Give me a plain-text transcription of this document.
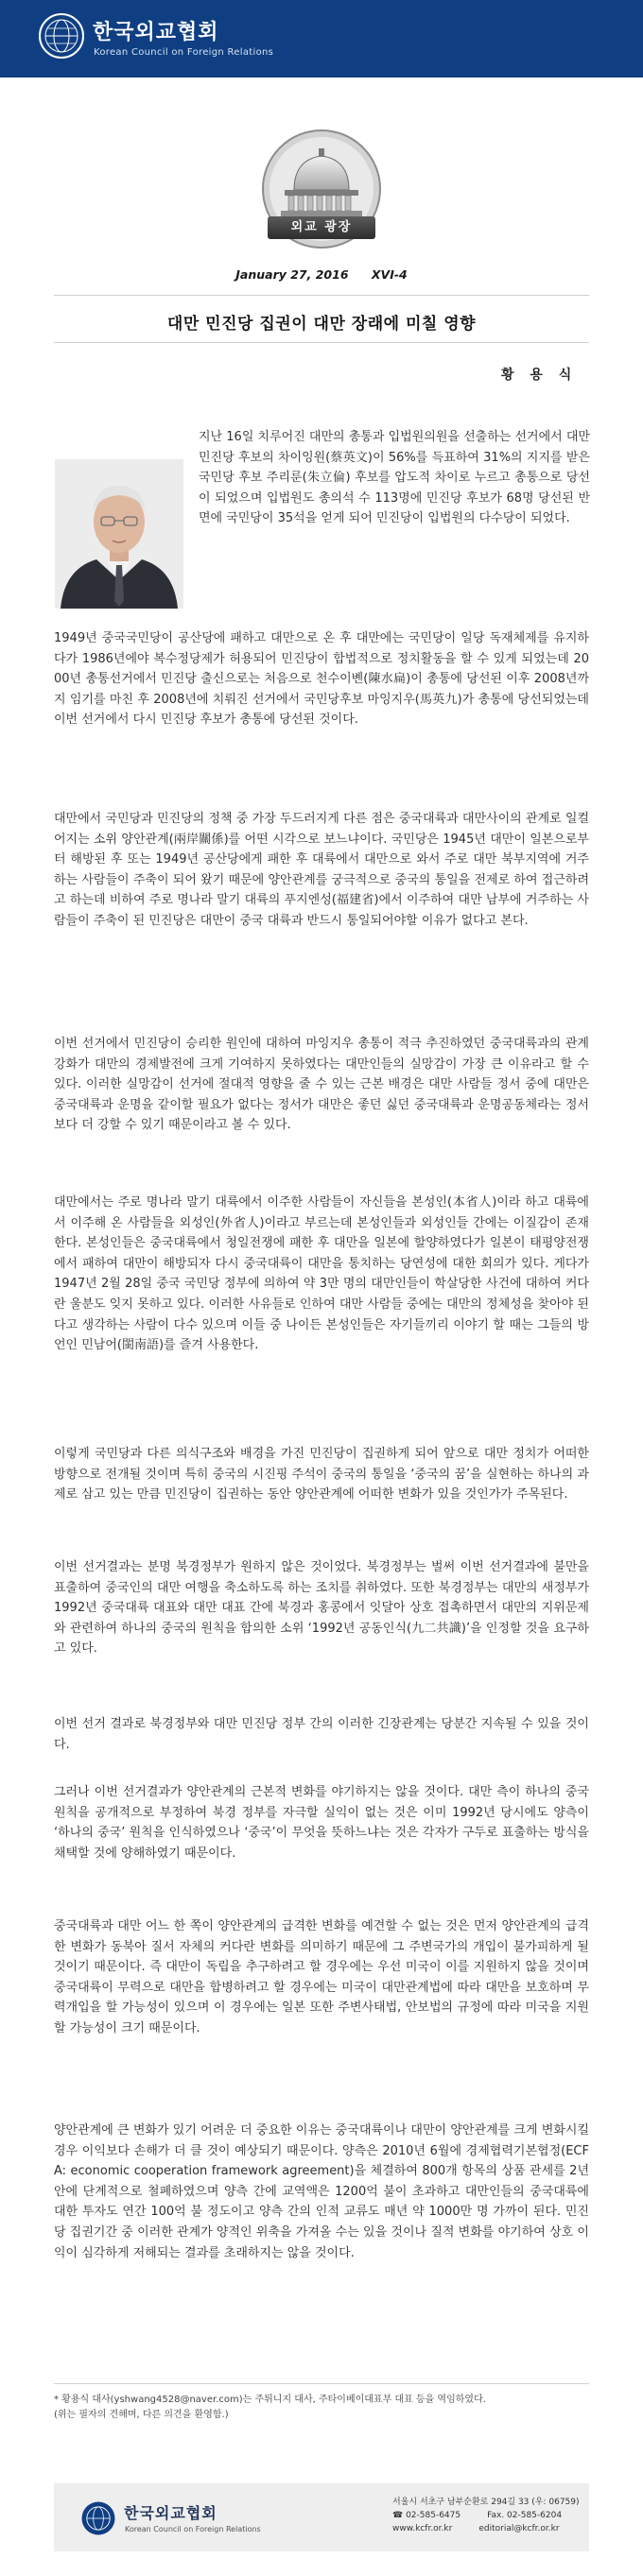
한국외교협회
Korean Council on Foreign Relations
외교 광장
January 27, 2016 XVI-4
대만 민진당 집권이 대만 장래에 미칠 영향
황 용 식

지난 16일 치루어진 대만의 총통과 입법원의원을 선출하는 선거에서 대만 민진당 후보의 차이잉원(蔡英文)이 56%를 득표하여 31%의 지지를 받은 국민당 후보 주리룬(朱立倫) 후보를 압도적 차이로 누르고 총통으로 당선이 되었으며 입법원도 총의석 수 113명에 민진당 후보가 68명 당선된 반면에 국민당이 35석을 얻게 되어 민진당이 입법원의 다수당이 되었다.

1949년 중국국민당이 공산당에 패하고 대만으로 온 후 대만에는 국민당이 일당 독재체제를 유지하다가 1986년에야 복수정당제가 허용되어 민진당이 합법적으로 정치활동을 할 수 있게 되었는데 2000년 총통선거에서 민진당 출신으로는 처음으로 천수이볜(陳水扁)이 총통에 당선된 이후 2008년까지 임기를 마친 후 2008년에 치뤄진 선거에서 국민당후보 마잉지우(馬英九)가 총통에 당선되었는데 이번 선거에서 다시 민진당 후보가 총통에 당선된 것이다.

대만에서 국민당과 민진당의 정책 중 가장 두드러지게 다른 점은 중국대륙과 대만사이의 관계로 일컬어지는 소위 양안관계(兩岸關係)를 어떤 시각으로 보느냐이다. 국민당은 1945년 대만이 일본으로부터 해방된 후 또는 1949년 공산당에게 패한 후 대륙에서 대만으로 와서 주로 대만 북부지역에 거주하는 사람들이 주축이 되어 왔기 때문에 양안관계를 궁극적으로 중국의 통일을 전제로 하여 접근하려고 하는데 비하여 주로 명나라 말기 대륙의 푸지엔성(福建省)에서 이주하여 대만 남부에 거주하는 사람들이 주축이 된 민진당은 대만이 중국 대륙과 반드시 통일되어야할 이유가 없다고 본다.

이번 선거에서 민진당이 승리한 원인에 대하여 마잉지우 총통이 적극 추진하였던 중국대륙과의 관계강화가 대만의 경제발전에 크게 기여하지 못하였다는 대만인들의 실망감이 가장 큰 이유라고 할 수 있다. 이러한 실망감이 선거에 절대적 영향을 줄 수 있는 근본 배경은 대만 사람들 정서 중에 대만은 중국대륙과 운명을 같이할 필요가 없다는 정서가 대만은 좋던 싫던 중국대륙과 운명공동체라는 정서보다 더 강할 수 있기 때문이라고 볼 수 있다.

대만에서는 주로 명나라 말기 대륙에서 이주한 사람들이 자신들을 본성인(本省人)이라 하고 대륙에서 이주해 온 사람들을 외성인(外省人)이라고 부르는데 본성인들과 외성인들 간에는 이질감이 존재한다. 본성인들은 중국대륙에서 청일전쟁에 패한 후 대만을 일본에 할양하였다가 일본이 태평양전쟁에서 패하여 대만이 해방되자 다시 중국대륙이 대만을 통치하는 당연성에 대한 회의가 있다. 게다가 1947년 2월 28일 중국 국민당 정부에 의하여 약 3만 명의 대만인들이 학살당한 사건에 대하여 커다란 울분도 잊지 못하고 있다. 이러한 사유들로 인하여 대만 사람들 중에는 대만의 정체성을 찾아야 된다고 생각하는 사람이 다수 있으며 이들 중 나이든 본성인들은 자기들끼리 이야기 할 때는 그들의 방언인 민남어(閩南語)를 즐겨 사용한다.

이렇게 국민당과 다른 의식구조와 배경을 가진 민진당이 집권하게 되어 앞으로 대만 정치가 어떠한 방향으로 전개될 것이며 특히 중국의 시진핑 주석이 중국의 통일을 ‘중국의 꿈’을 실현하는 하나의 과제로 삼고 있는 만큼 민진당이 집권하는 동안 양안관계에 어떠한 변화가 있을 것인가가 주목된다.

이번 선거결과는 분명 북경정부가 원하지 않은 것이었다. 북경정부는 벌써 이번 선거결과에 불만을 표출하여 중국인의 대만 여행을 축소하도록 하는 조치를 취하였다. 또한 북경정부는 대만의 새정부가 1992년 중국대륙 대표와 대만 대표 간에 북경과 홍콩에서 잇달아 상호 접촉하면서 대만의 지위문제와 관련하여 하나의 중국의 원칙을 합의한 소위 ‘1992년 공동인식(九二共識)’을 인정할 것을 요구하고 있다.

이번 선거 결과로 북경정부와 대만 민진당 정부 간의 이러한 긴장관계는 당분간 지속될 수 있을 것이다.

그러나 이번 선거결과가 양안관계의 근본적 변화를 야기하지는 않을 것이다. 대만 측이 하나의 중국 원칙을 공개적으로 부정하여 북경 정부를 자극할 실익이 없는 것은 이미 1992년 당시에도 양측이 ‘하나의 중국’ 원칙을 인식하였으나 ‘중국’이 무엇을 뜻하느냐는 것은 각자가 구두로 표출하는 방식을 채택할 것에 양해하였기 때문이다.

중국대륙과 대만 어느 한 쪽이 양안관계의 급격한 변화를 예견할 수 없는 것은 먼저 양안관계의 급격한 변화가 동북아 질서 자체의 커다란 변화를 의미하기 때문에 그 주변국가의 개입이 불가피하게 될 것이기 때문이다. 즉 대만이 독립을 추구하려고 할 경우에는 우선 미국이 이를 지원하지 않을 것이며 중국대륙이 무력으로 대만을 합병하려고 할 경우에는 미국이 대만관계법에 따라 대만을 보호하며 무력개입을 할 가능성이 있으며 이 경우에는 일본 또한 주변사태법, 안보법의 규정에 따라 미국을 지원할 가능성이 크기 때문이다.

양안관계에 큰 변화가 있기 어려운 더 중요한 이유는 중국대륙이나 대만이 양안관계를 크게 변화시킬 경우 이익보다 손해가 더 클 것이 예상되기 때문이다. 양측은 2010년 6월에 경제협력기본협정(ECFA: economic cooperation framework agreement)을 체결하여 800개 항목의 상품 관세를 2년 안에 단계적으로 철폐하였으며 양측 간에 교역액은 1200억 불이 초과하고 대만인들의 중국대륙에 대한 투자도 연간 100억 불 정도이고 양측 간의 인적 교류도 매년 약 1000만 명 가까이 된다. 민진당 집권기간 중 이러한 관계가 양적인 위축을 가져올 수는 있을 것이나 질적 변화를 야기하여 상호 이익이 심각하게 저해되는 결과를 초래하지는 않을 것이다.

* 황용식 대사(yshwang4528@naver.com)는 주튀니지 대사, 주타이베이대표부 대표 등을 역임하였다.
(위는 필자의 견해며, 다른 의견을 환영함.)
한국외교협회
Korean Council on Foreign Relations
서울시 서초구 남부순환로 294길 33 (우: 06759)
☎ 02-585-6475	Fax. 02-585-6204
www.kcfr.or.kr	editorial@kcfr.or.kr
